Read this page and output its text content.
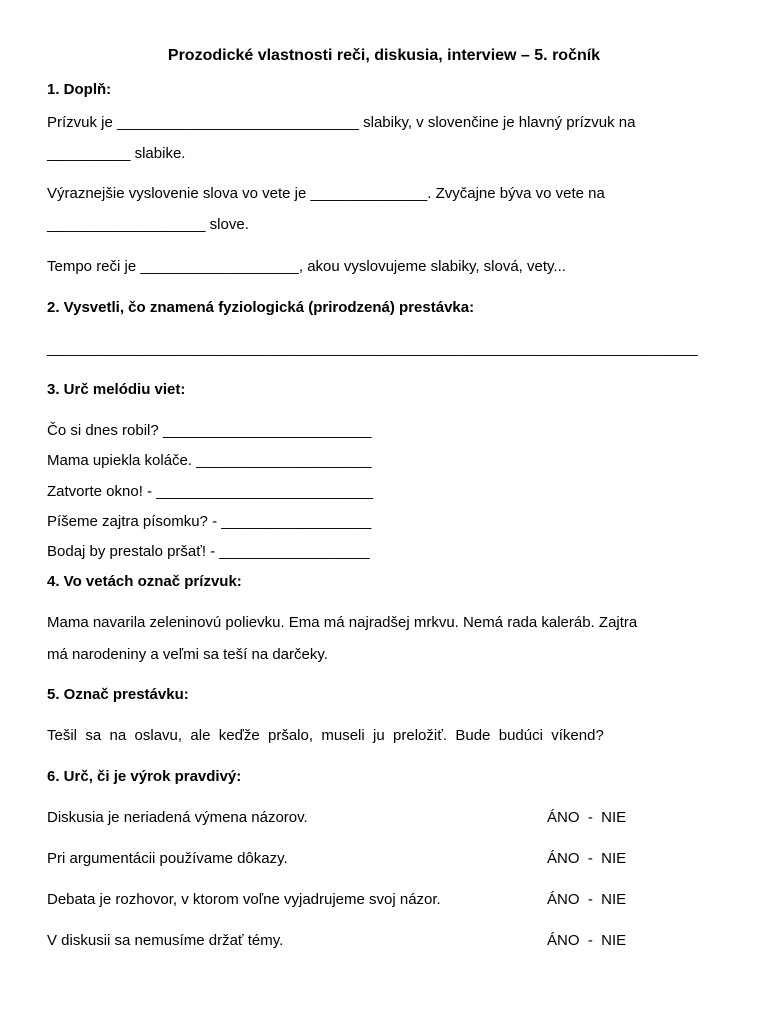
Prozodické vlastnosti reči, diskusia, interview – 5. ročník
1. Doplň:
Prízvuk je _____________________________ slabiky, v slovenčine je hlavný prízvuk na
__________ slabike.
Výraznejšie vyslovenie slova vo vete je ______________. Zvyčajne býva vo vete na
___________________ slove.
Tempo reči je ___________________, akou vyslovujeme slabiky, slová, vety...
2. Vysvetli, čo znamená fyziologická (prirodzená) prestávka:
______________________________________________________________________________
3. Urč melódiu viet:
Čo si dnes robil? _________________________
Mama upiekla koláče. _____________________
Zatvorte okno! - __________________________
Píšeme zajtra písomku? - __________________
Bodaj by prestalo pršať! - __________________
4. Vo vetách označ prízvuk:
Mama navarila zeleninovú polievku. Ema má najradšej mrkvu. Nemá rada kaleráb. Zajtra
má narodeniny a veľmi sa teší na darčeky.
5. Označ prestávku:
Tešil  sa  na  oslavu,  ale  keďže  pršalo,  museli  ju  preložiť.  Bude  budúci  víkend?
6. Urč, či je výrok pravdivý:
Diskusia je neriadená výmena názorov.	ÁNO  -  NIE
Pri argumentácii používame dôkazy.	ÁNO  -  NIE
Debata je rozhovor, v ktorom voľne vyjadrujeme svoj názor.	ÁNO  -  NIE
V diskusii sa nemusíme držať témy.	ÁNO  -  NIE
